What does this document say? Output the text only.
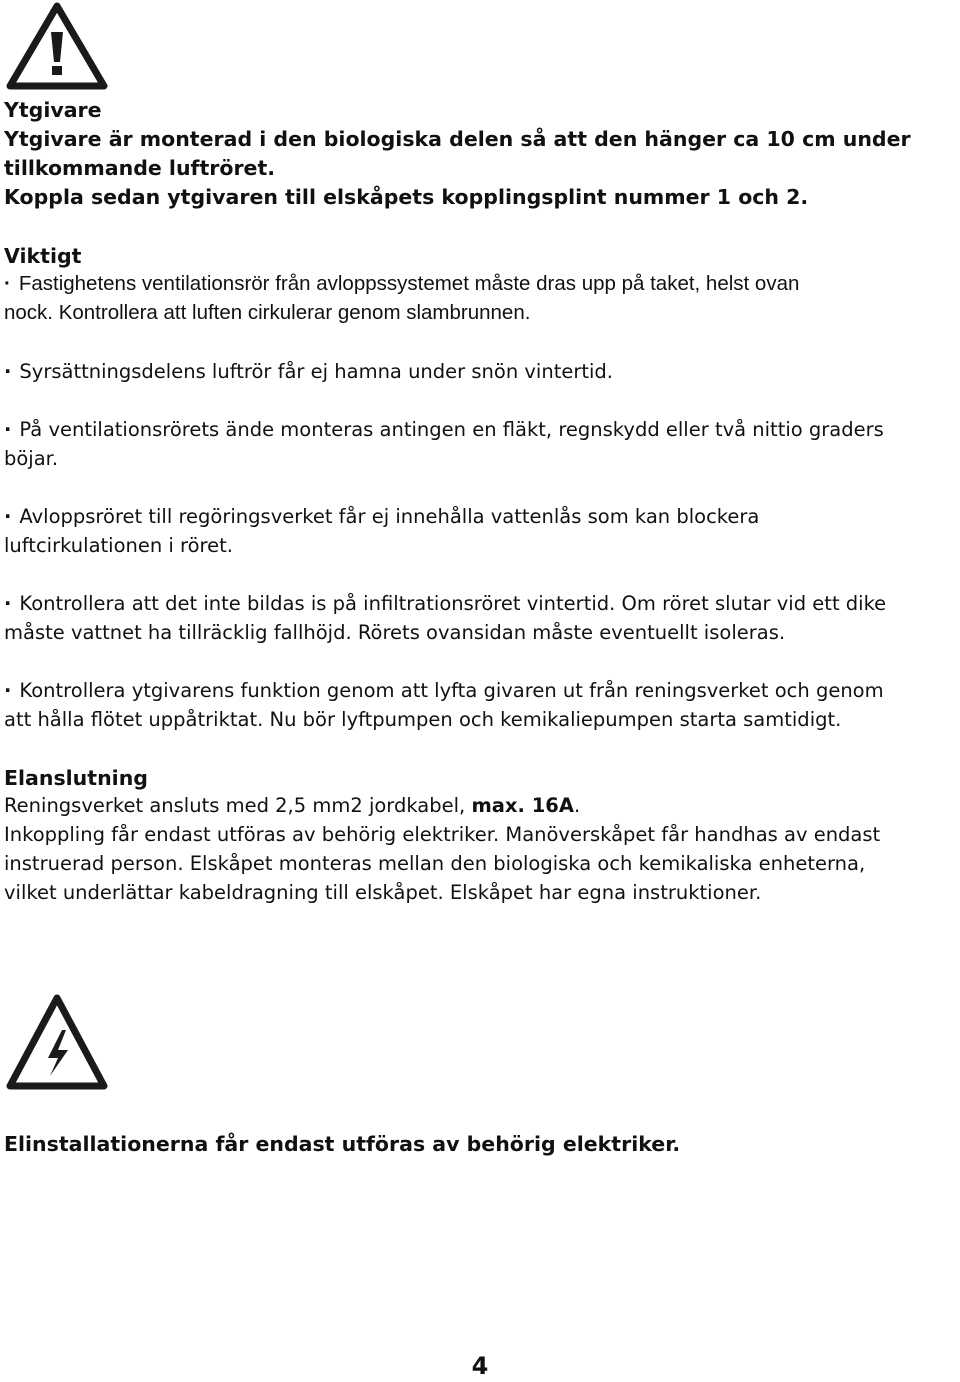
Ytgivare
Ytgivare är monterad i den biologiska delen så att den hänger ca 10 cm under
tillkommande luftröret.
Koppla sedan ytgivaren till elskåpets kopplingsplint nummer 1 och 2.
Viktigt
· Fastighetens ventilationsrör från avloppssystemet måste dras upp på taket, helst ovan
nock. Kontrollera att luften cirkulerar genom slambrunnen.
· Syrsättningsdelens luftrör får ej hamna under snön vintertid.
· På ventilationsrörets ände monteras antingen en fläkt, regnskydd eller två nittio graders
böjar.
· Avloppsröret till regöringsverket får ej innehålla vattenlås som kan blockera
luftcirkulationen i röret.
· Kontrollera att det inte bildas is på infiltrationsröret vintertid. Om röret slutar vid ett dike
måste vattnet ha tillräcklig fallhöjd. Rörets ovansidan måste eventuellt isoleras.
· Kontrollera ytgivarens funktion genom att lyfta givaren ut från reningsverket och genom
att hålla flötet uppåtriktat. Nu bör lyftpumpen och kemikaliepumpen starta samtidigt.
Elanslutning
Reningsverket ansluts med 2,5 mm2 jordkabel, max. 16A.
Inkoppling får endast utföras av behörig elektriker. Manöverskåpet får handhas av endast
instruerad person. Elskåpet monteras mellan den biologiska och kemikaliska enheterna,
vilket underlättar kabeldragning till elskåpet. Elskåpet har egna instruktioner.
Elinstallationerna får endast utföras av behörig elektriker.
4
